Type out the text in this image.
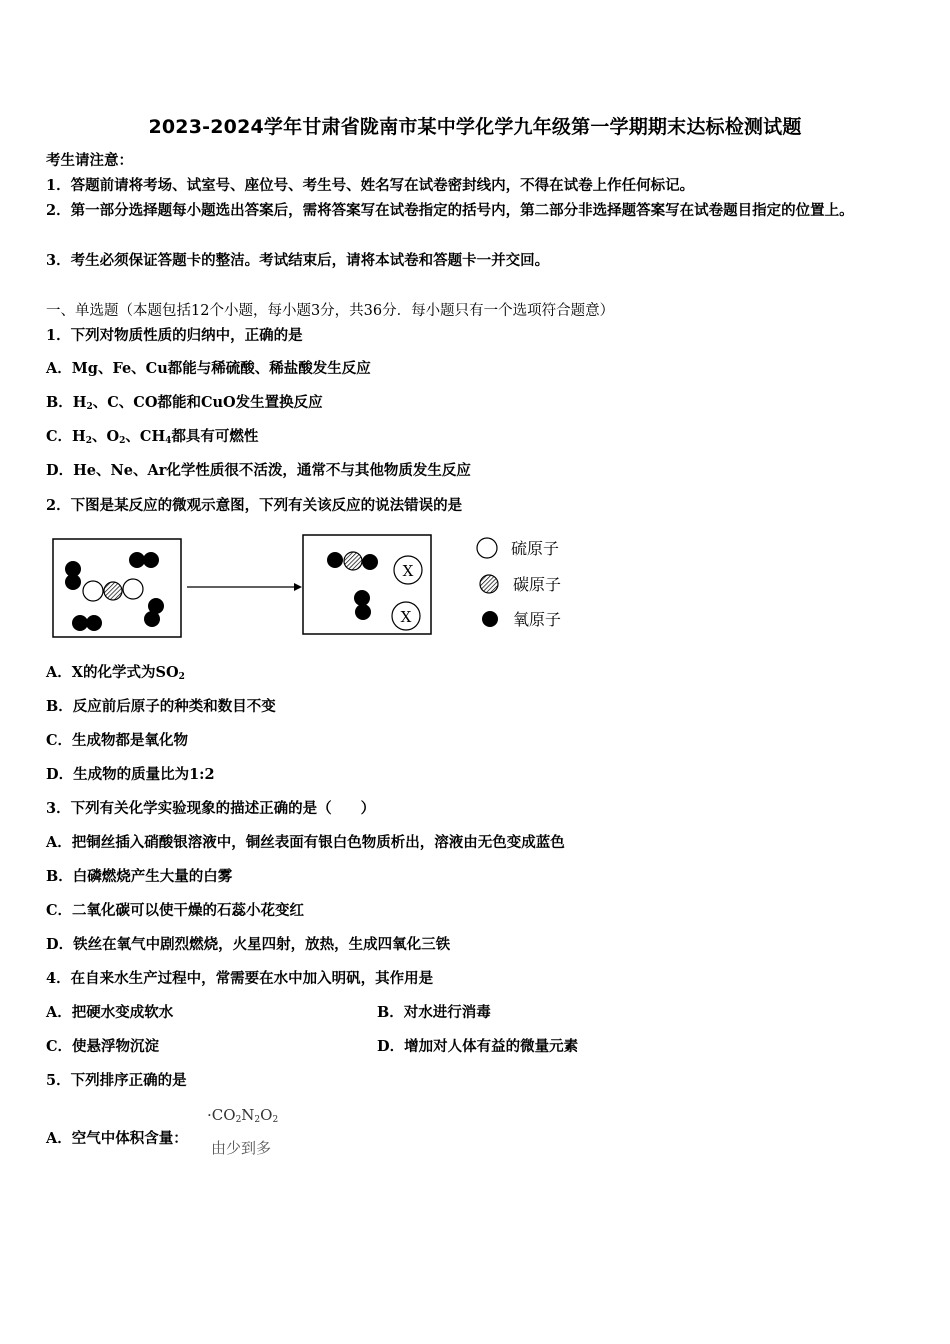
2023-2024学年甘肃省陇南市某中学化学九年级第一学期期末达标检测试题
考生请注意：
1．答题前请将考场、试室号、座位号、考生号、姓名写在试卷密封线内，不得在试卷上作任何标记。
2．第一部分选择题每小题选出答案后，需将答案写在试卷指定的括号内，第二部分非选择题答案写在试卷题目指定的位置上。
3．考生必须保证答题卡的整洁。考试结束后，请将本试卷和答题卡一并交回。
一、单选题（本题包括12个小题，每小题3分，共36分．每小题只有一个选项符合题意）
1．下列对物质性质的归纳中，正确的是
A．Mg、Fe、Cu都能与稀硫酸、稀盐酸发生反应
B．$H_2$、C、CO都能和CuO发生置换反应
C．$H_2$、$O_2$、$CH_4$都具有可燃性
D．He、Ne、Ar化学性质很不活泼，通常不与其他物质发生反应
2．下图是某反应的微观示意图，下列有关该反应的说法错误的是
X
X
硫原子
碳原子
氧原子
A．X的化学式为$SO_2$
B．反应前后原子的种类和数目不变
C．生成物都是氧化物
D．生成物的质量比为1:2
3．下列有关化学实验现象的描述正确的是（　　）
A．把铜丝插入硝酸银溶液中，铜丝表面有银白色物质析出，溶液由无色变成蓝色
B．白磷燃烧产生大量的白雾
C．二氧化碳可以使干燥的石蕊小花变红
D．铁丝在氧气中剧烈燃烧，火星四射，放热，生成四氧化三铁
4．在自来水生产过程中，常需要在水中加入明矾，其作用是
A．把硬水变成软水	B．对水进行消毒
C．使悬浮物沉淀	D．增加对人体有益的微量元素
5．下列排序正确的是
A．空气中体积含量：
$\cdot CO_2N_2O_2$
由少到多
